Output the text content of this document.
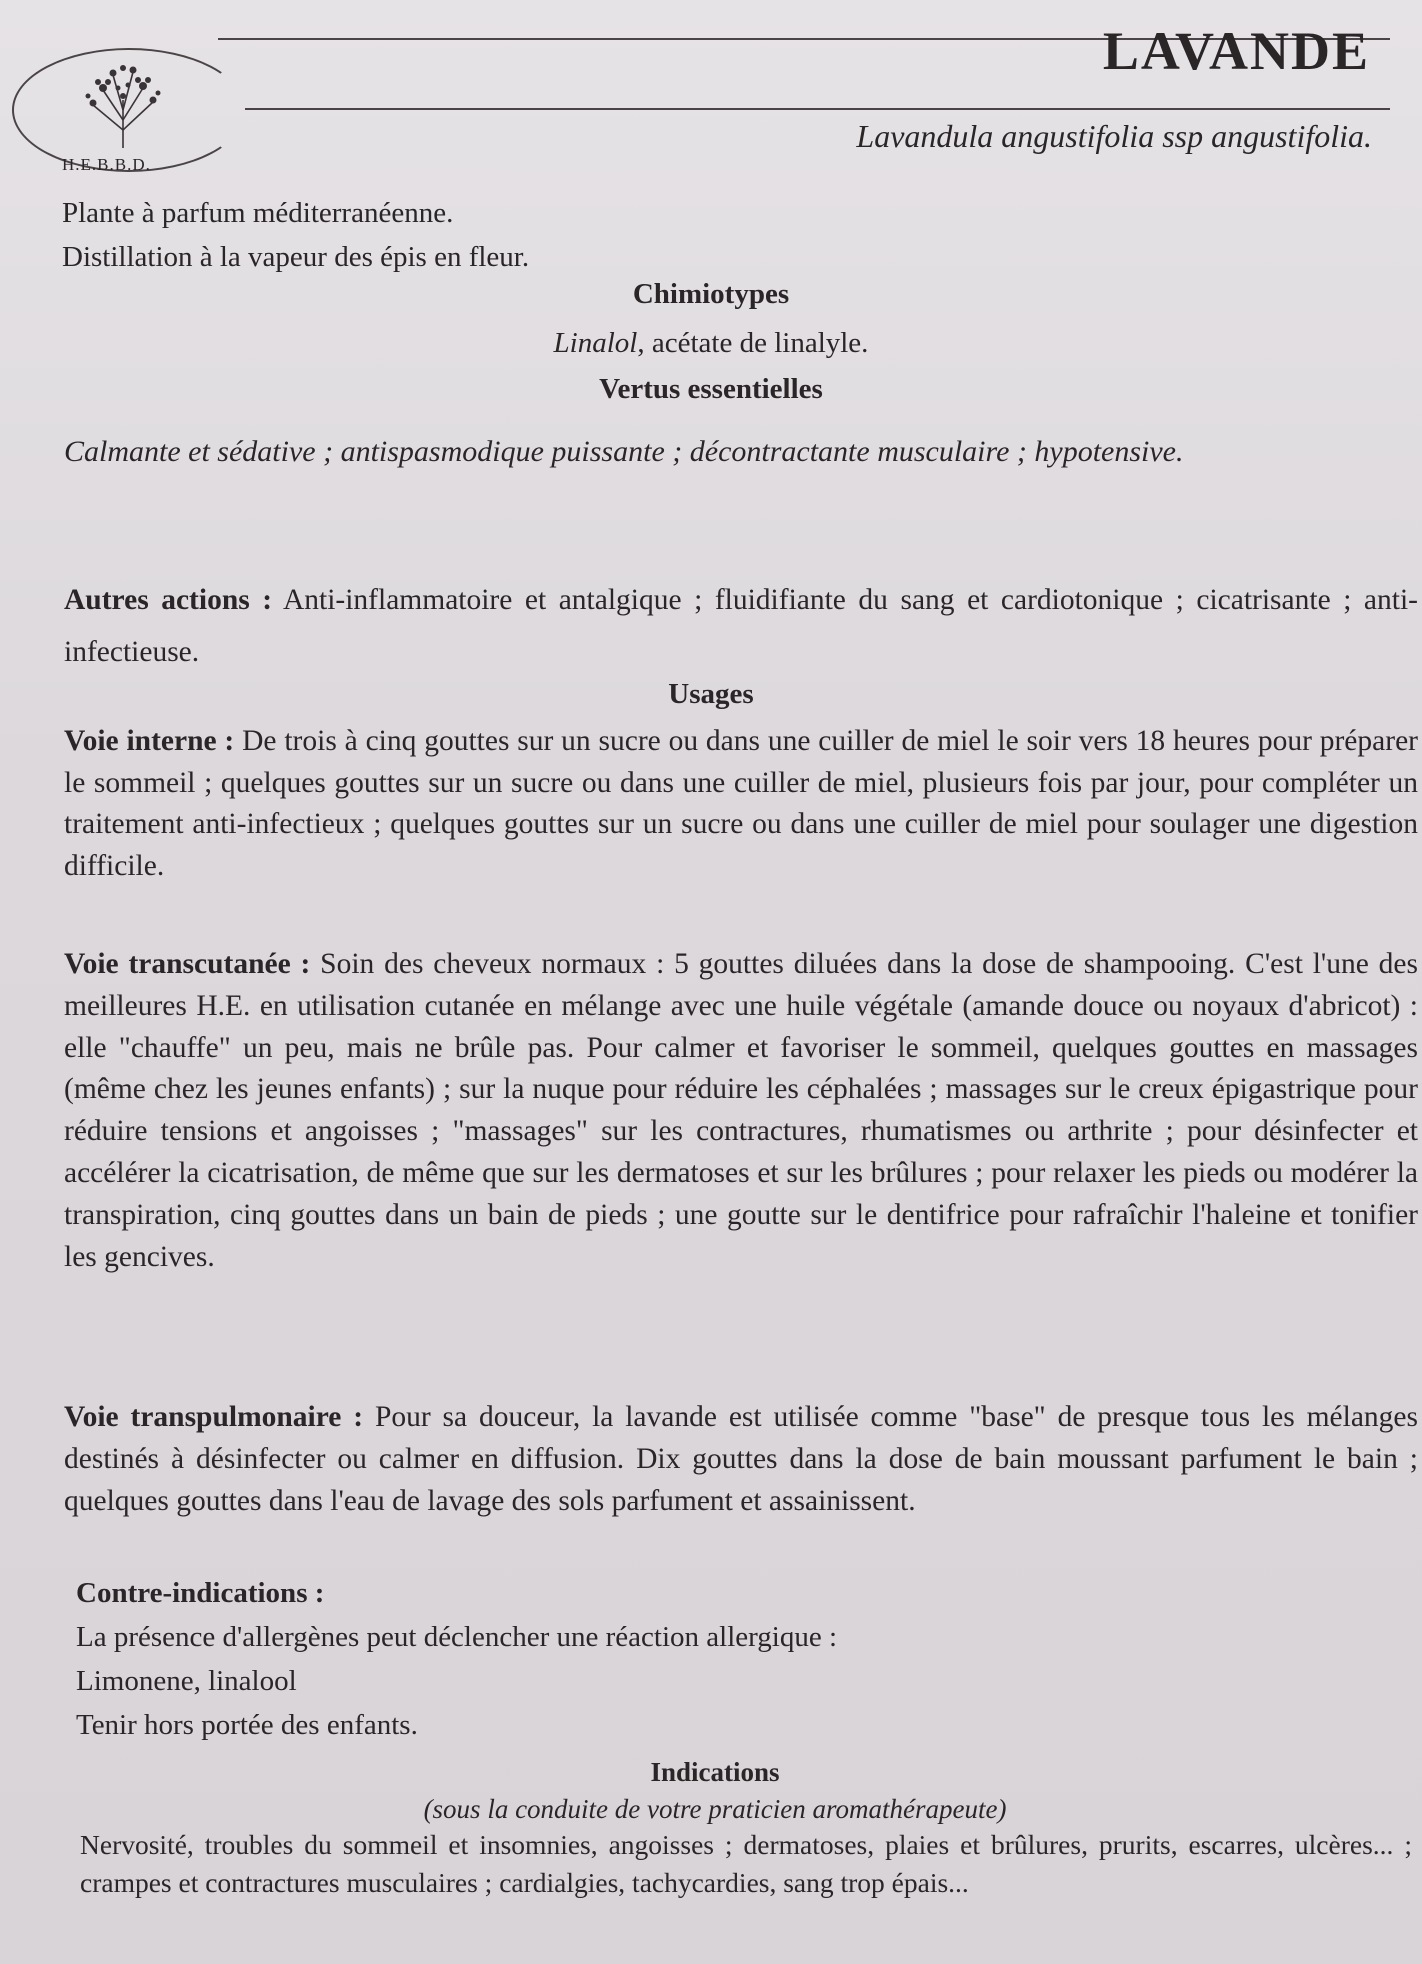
H.E.B.B.D.
LAVANDE
Lavandula angustifolia ssp angustifolia.
Plante à parfum méditerranéenne.
Distillation à la vapeur des épis en fleur.
Chimiotypes
Linalol, acétate de linalyle.
Vertus essentielles
Calmante et sédative ; antispasmodique puissante ; décontractante musculaire ; hypotensive.
Autres actions : Anti-inflammatoire et antalgique ; fluidifiante du sang et cardiotonique ; cicatrisante ; anti-infectieuse.
Usages
Voie interne : De trois à cinq gouttes sur un sucre ou dans une cuiller de miel le soir vers 18 heures pour préparer le sommeil ; quelques gouttes sur un sucre ou dans une cuiller de miel, plusieurs fois par jour, pour compléter un traitement anti-infectieux ; quelques gouttes sur un sucre ou dans une cuiller de miel pour soulager une digestion difficile.
Voie transcutanée : Soin des cheveux normaux : 5 gouttes diluées dans la dose de shampooing. C'est l'une des meilleures H.E. en utilisation cutanée en mélange avec une huile végétale (amande douce ou noyaux d'abricot) : elle "chauffe" un peu, mais ne brûle pas. Pour calmer et favoriser le sommeil, quelques gouttes en massages (même chez les jeunes enfants) ; sur la nuque pour réduire les céphalées ; massages sur le creux épigastrique pour réduire tensions et angoisses ; "massages" sur les contractures, rhumatismes ou arthrite ; pour désinfecter et accélérer la cicatrisation, de même que sur les dermatoses et sur les brûlures ; pour relaxer les pieds ou modérer la transpiration, cinq gouttes dans un bain de pieds ; une goutte sur le dentifrice pour rafraîchir l'haleine et tonifier les gencives.
Voie transpulmonaire : Pour sa douceur, la lavande est utilisée comme "base" de presque tous les mélanges destinés à désinfecter ou calmer en diffusion. Dix gouttes dans la dose de bain moussant parfument le bain ; quelques gouttes dans l'eau de lavage des sols parfument et assainissent.
Contre-indications :
La présence d'allergènes peut déclencher une réaction allergique :
Limonene, linalool
Tenir hors portée des enfants.
Indications
(sous la conduite de votre praticien aromathérapeute)
Nervosité, troubles du sommeil et insomnies, angoisses ; dermatoses, plaies et brûlures, prurits, escarres, ulcères... ; crampes et contractures musculaires ; cardialgies, tachycardies, sang trop épais...
